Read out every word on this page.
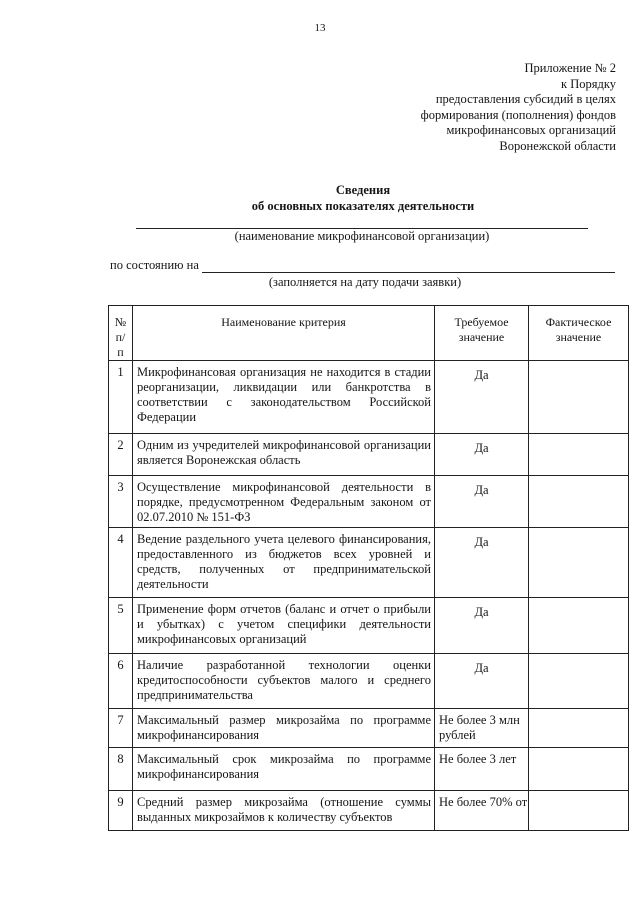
13
Приложение № 2
к Порядку
предоставления субсидий в целях
формирования (пополнения) фондов
микрофинансовых организаций
Воронежской области
Сведения
об основных показателях деятельности
(наименование микрофинансовой организации)
по состоянию на
(заполняется на дату подачи заявки)
№ п/п	Наименование критерия	Требуемое значение	Фактическое значение
1	Микрофинансовая организация не находится в стадии реорганизации, ликвидации или банкротства в соответствии с законодательством Российской Федерации	Да	
2	Одним из учредителей микрофинансовой организации является Воронежская область	Да	
3	Осуществление микрофинансовой деятельности в порядке, предусмотренном Федеральным законом от 02.07.2010 № 151-ФЗ	Да	
4	Ведение раздельного учета целевого финансирования, предоставленного из бюджетов всех уровней и средств, полученных от предпринимательской деятельности	Да	
5	Применение форм отчетов (баланс и отчет о прибыли и убытках) с учетом специфики деятельности микрофинансовых организаций	Да	
6	Наличие разработанной технологии оценки кредитоспособности субъектов малого и среднего предпринимательства	Да	
7	Максимальный размер микрозайма по программе микрофинансирования	Не более 3 млн рублей	
8	Максимальный срок микрозайма по программе микрофинансирования	Не более 3 лет	
9	Средний размер микрозайма (отношение суммы выданных микрозаймов к количеству субъектов	Не более 70% от	
